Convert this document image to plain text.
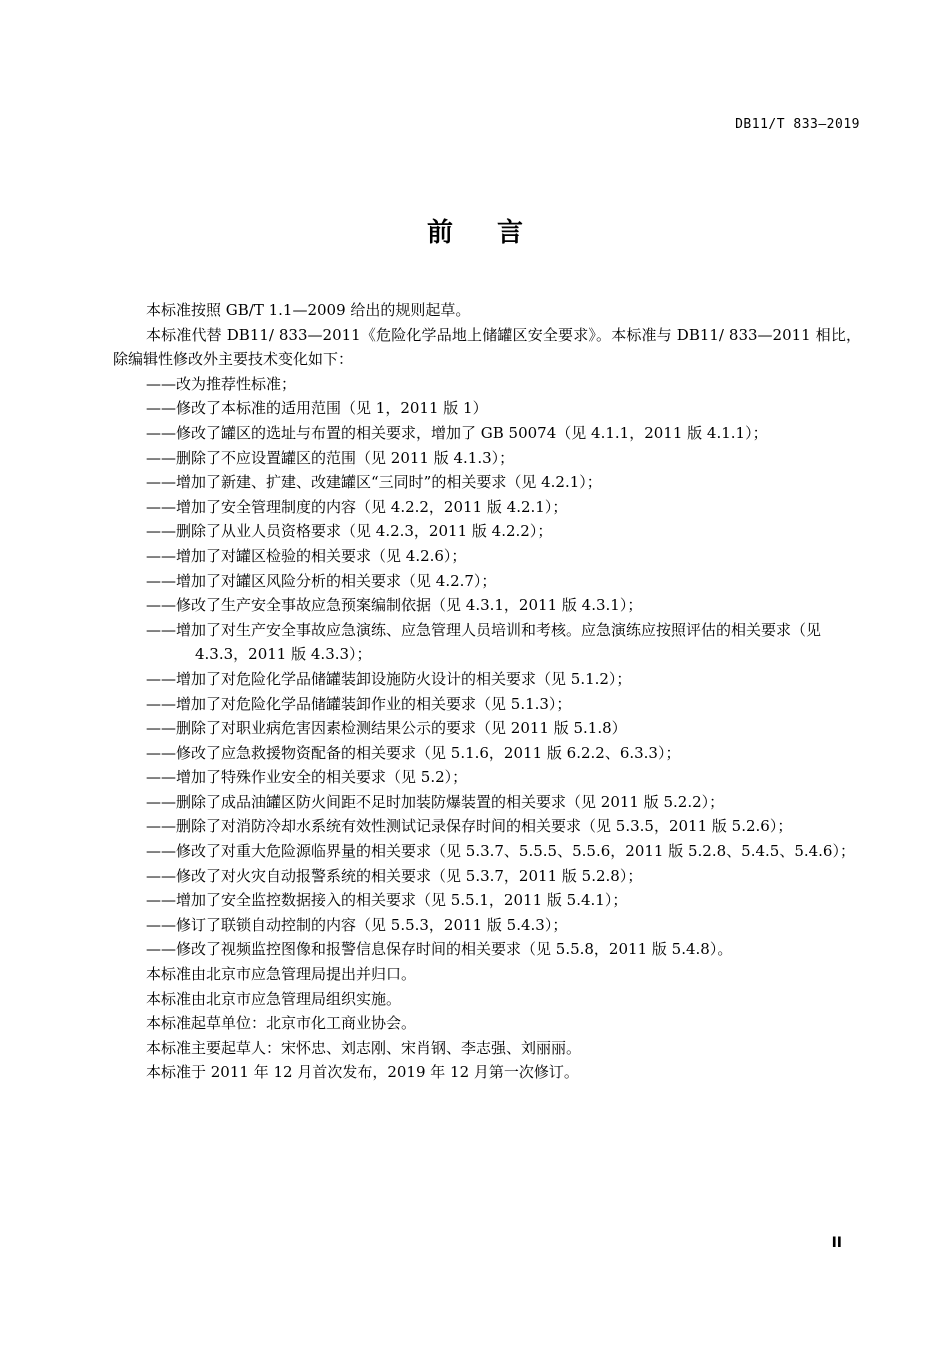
DB11/T 833—2019
前言
本标准按照 GB/T 1.1—2009 给出的规则起草。
本标准代替 DB11/ 833—2011《危险化学品地上储罐区安全要求》。本标准与 DB11/ 833—2011 相比，除编辑性修改外主要技术变化如下：
——改为推荐性标准；
——修改了本标准的适用范围（见 1，2011 版 1）
——修改了罐区的选址与布置的相关要求，增加了 GB 50074（见 4.1.1，2011 版 4.1.1）；
——删除了不应设置罐区的范围（见 2011 版 4.1.3）；
——增加了新建、扩建、改建罐区“三同时”的相关要求（见 4.2.1）；
——增加了安全管理制度的内容（见 4.2.2，2011 版 4.2.1）；
——删除了从业人员资格要求（见 4.2.3，2011 版 4.2.2）；
——增加了对罐区检验的相关要求（见 4.2.6）；
——增加了对罐区风险分析的相关要求（见 4.2.7）；
——修改了生产安全事故应急预案编制依据（见 4.3.1，2011 版 4.3.1）；
——增加了对生产安全事故应急演练、应急管理人员培训和考核。应急演练应按照评估的相关要求（见 4.3.3，2011 版 4.3.3）；
——增加了对危险化学品储罐装卸设施防火设计的相关要求（见 5.1.2）；
——增加了对危险化学品储罐装卸作业的相关要求（见 5.1.3）；
——删除了对职业病危害因素检测结果公示的要求（见 2011 版 5.1.8）
——修改了应急救援物资配备的相关要求（见 5.1.6，2011 版 6.2.2、6.3.3）；
——增加了特殊作业安全的相关要求（见 5.2）；
——删除了成品油罐区防火间距不足时加装防爆装置的相关要求（见 2011 版 5.2.2）；
——删除了对消防冷却水系统有效性测试记录保存时间的相关要求（见 5.3.5，2011 版 5.2.6）；
——修改了对重大危险源临界量的相关要求（见 5.3.7、5.5.5、5.5.6，2011 版 5.2.8、5.4.5、5.4.6）；
——修改了对火灾自动报警系统的相关要求（见 5.3.7，2011 版 5.2.8）；
——增加了安全监控数据接入的相关要求（见 5.5.1，2011 版 5.4.1）；
——修订了联锁自动控制的内容（见 5.5.3，2011 版 5.4.3）；
——修改了视频监控图像和报警信息保存时间的相关要求（见 5.5.8，2011 版 5.4.8）。
本标准由北京市应急管理局提出并归口。
本标准由北京市应急管理局组织实施。
本标准起草单位：北京市化工商业协会。
本标准主要起草人：宋怀忠、刘志刚、宋肖钢、李志强、刘丽丽。
本标准于 2011 年 12 月首次发布，2019 年 12 月第一次修订。
II
